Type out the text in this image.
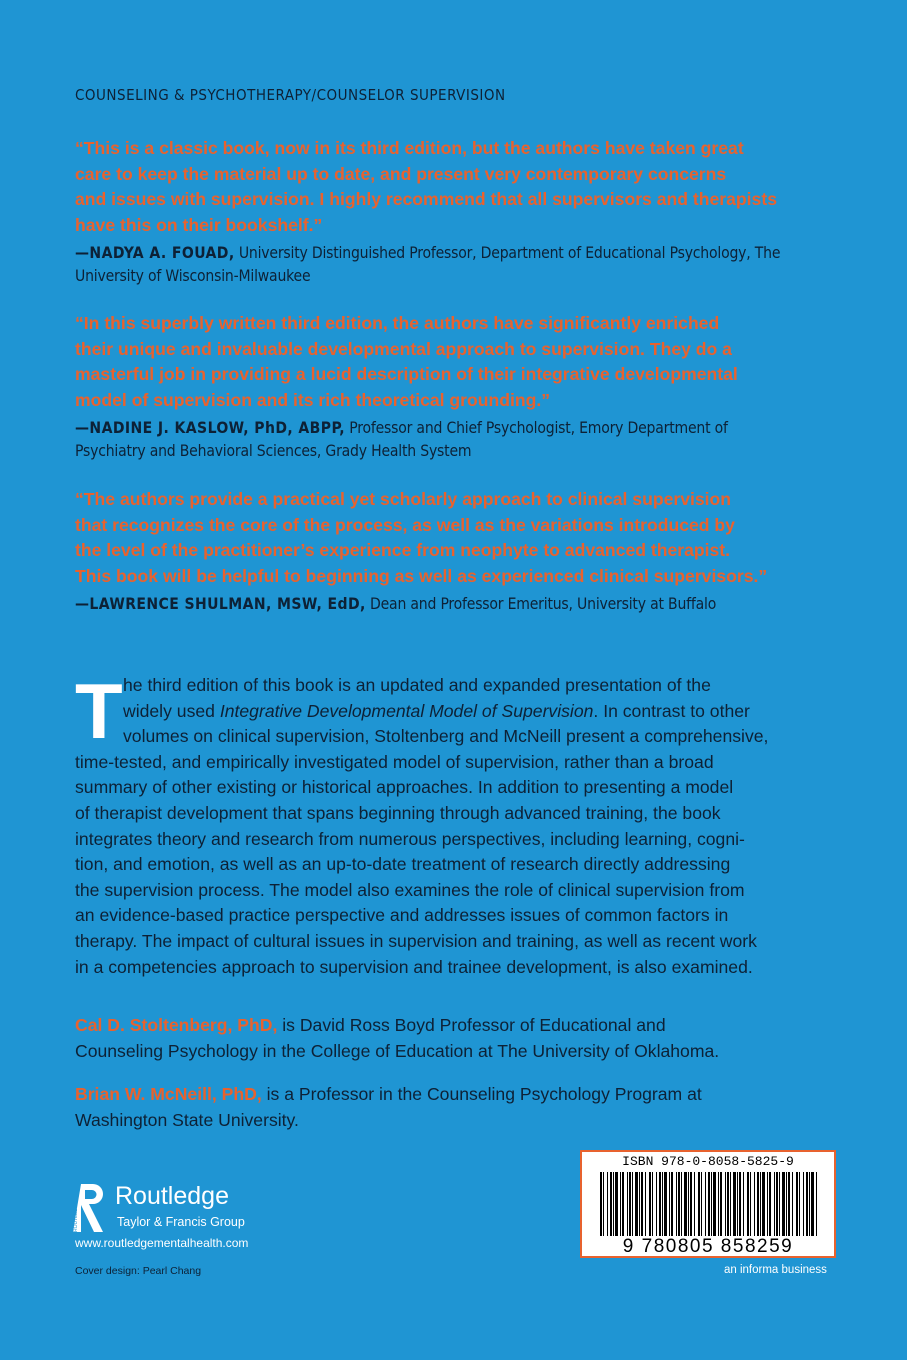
COUNSELING & PSYCHOTHERAPY/COUNSELOR SUPERVISION

“This is a classic book, now in its third edition, but the authors have taken great
care to keep the material up to date, and present very contemporary concerns
and issues with supervision. I highly recommend that all supervisors and therapists
have this on their bookshelf.”

—NADYA A. FOUAD, University Distinguished Professor, Department of Educational Psychology, The
University of Wisconsin-Milwaukee

“In this superbly written third edition, the authors have significantly enriched
their unique and invaluable developmental approach to supervision. They do a
masterful job in providing a lucid description of their integrative developmental
model of supervision and its rich theoretical grounding.”

—NADINE J. KASLOW, PhD, ABPP, Professor and Chief Psychologist, Emory Department of
Psychiatry and Behavioral Sciences, Grady Health System

“The authors provide a practical yet scholarly approach to clinical supervision
that recognizes the core of the process, as well as the variations introduced by
the level of the practitioner’s experience from neophyte to advanced therapist.
This book will be helpful to beginning as well as experienced clinical supervisors.”

—LAWRENCE SHULMAN, MSW, EdD, Dean and Professor Emeritus, University at Buffalo

T he third edition of this book is an updated and expanded presentation of the
widely used Integrative Developmental Model of Supervision. In contrast to other
volumes on clinical supervision, Stoltenberg and McNeill present a comprehensive,
time-tested, and empirically investigated model of supervision, rather than a broad
summary of other existing or historical approaches. In addition to presenting a model
of therapist development that spans beginning through advanced training, the book
integrates theory and research from numerous perspectives, including learning, cogni-
tion, and emotion, as well as an up-to-date treatment of research directly addressing
the supervision process. The model also examines the role of clinical supervision from
an evidence-based practice perspective and addresses issues of common factors in
therapy. The impact of cultural issues in supervision and training, as well as recent work
in a competencies approach to supervision and trainee development, is also examined.

Cal D. Stoltenberg, PhD, is David Ross Boyd Professor of Educational and
Counseling Psychology in the College of Education at The University of Oklahoma.

Brian W. McNeill, PhD, is a Professor in the Counseling Psychology Program at
Washington State University.

ROUTLEDGE
Routledge
Taylor & Francis Group
www.routledgementalhealth.com
Cover design: Pearl Chang
ISBN 978-0-8058-5825-9
9 780805 858259
an informa business
